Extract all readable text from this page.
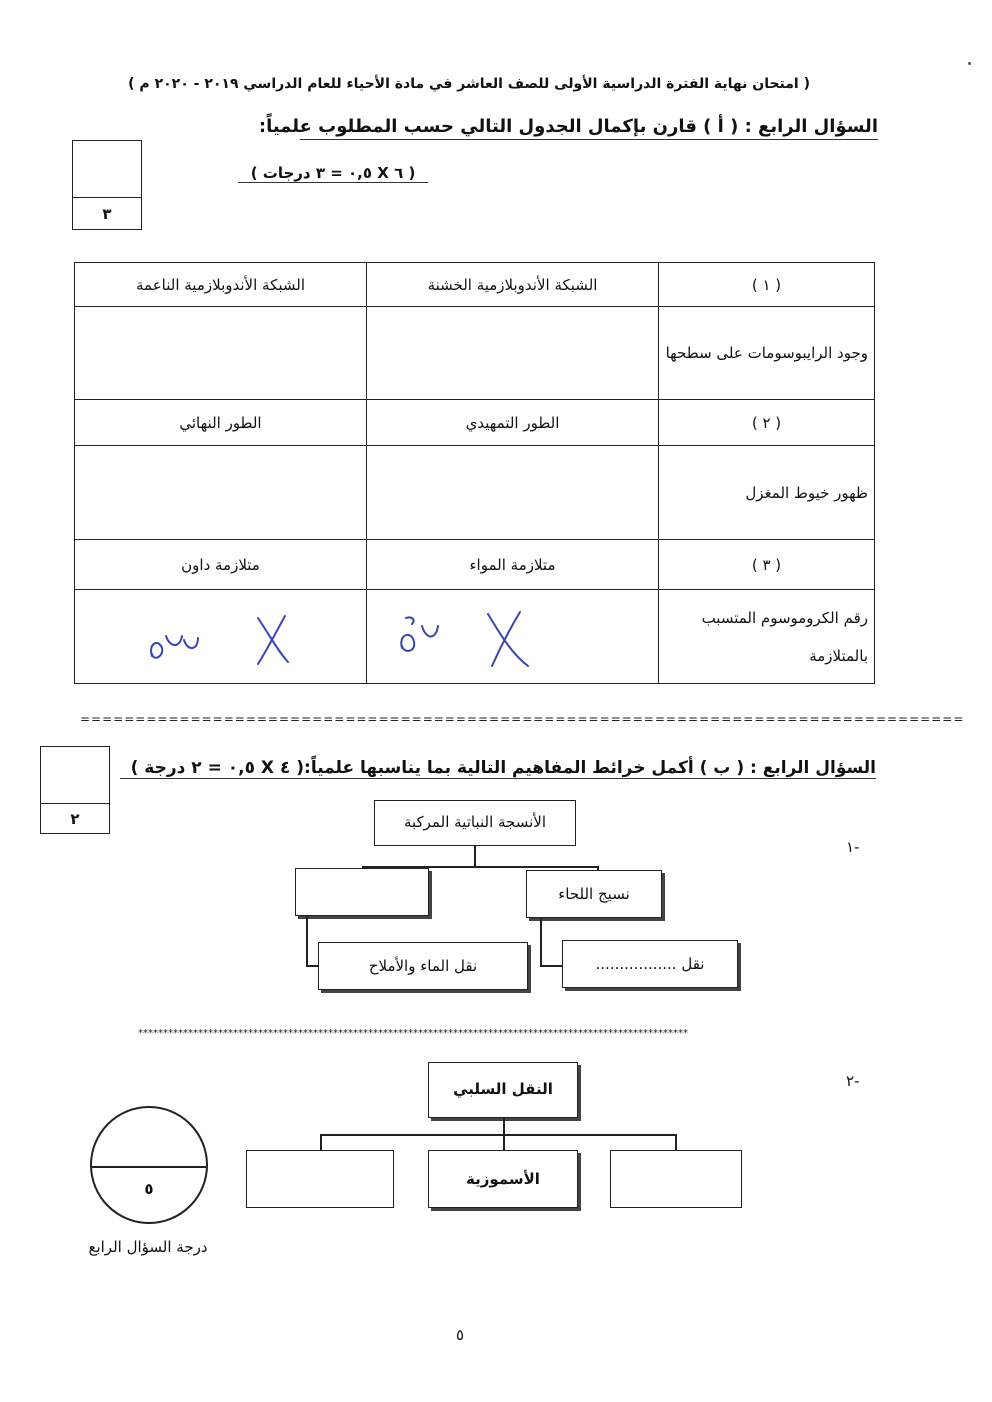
( امتحان نهاية الفترة الدراسية الأولى للصف العاشر في مادة الأحياء للعام الدراسي ٢٠١٩ - ٢٠٢٠ م )
السؤال الرابع : ( أ ) قارن بإكمال الجدول التالي حسب المطلوب علمياً:
( ٦ X ٠,٥ = ٣ درجات )
٣
( ١ )	الشبكة الأندوبلازمية الخشنة	الشبكة الأندوبلازمية الناعمة
وجود الرايبوسومات على سطحها		
( ٢ )	الطور التمهيدي	الطور النهائي
ظهور خيوط المغزل		
( ٣ )	متلازمة المواء	متلازمة داون
رقم الكروموسوم المتسبب بالمتلازمة		
================================================================================
السؤال الرابع : ( ب ) أكمل خرائط المفاهيم التالية بما يناسبها علمياً:( ٤ X ٠,٥ = ٢ درجة )
٢
١-
الأنسجة النباتية المركبة
نسيج اللحاء
نقل .................
نقل الماء والأملاح
**************************************************************************************************************
٢-
النقل السلبي
الأسموزية
٥
درجة السؤال الرابع
٥
